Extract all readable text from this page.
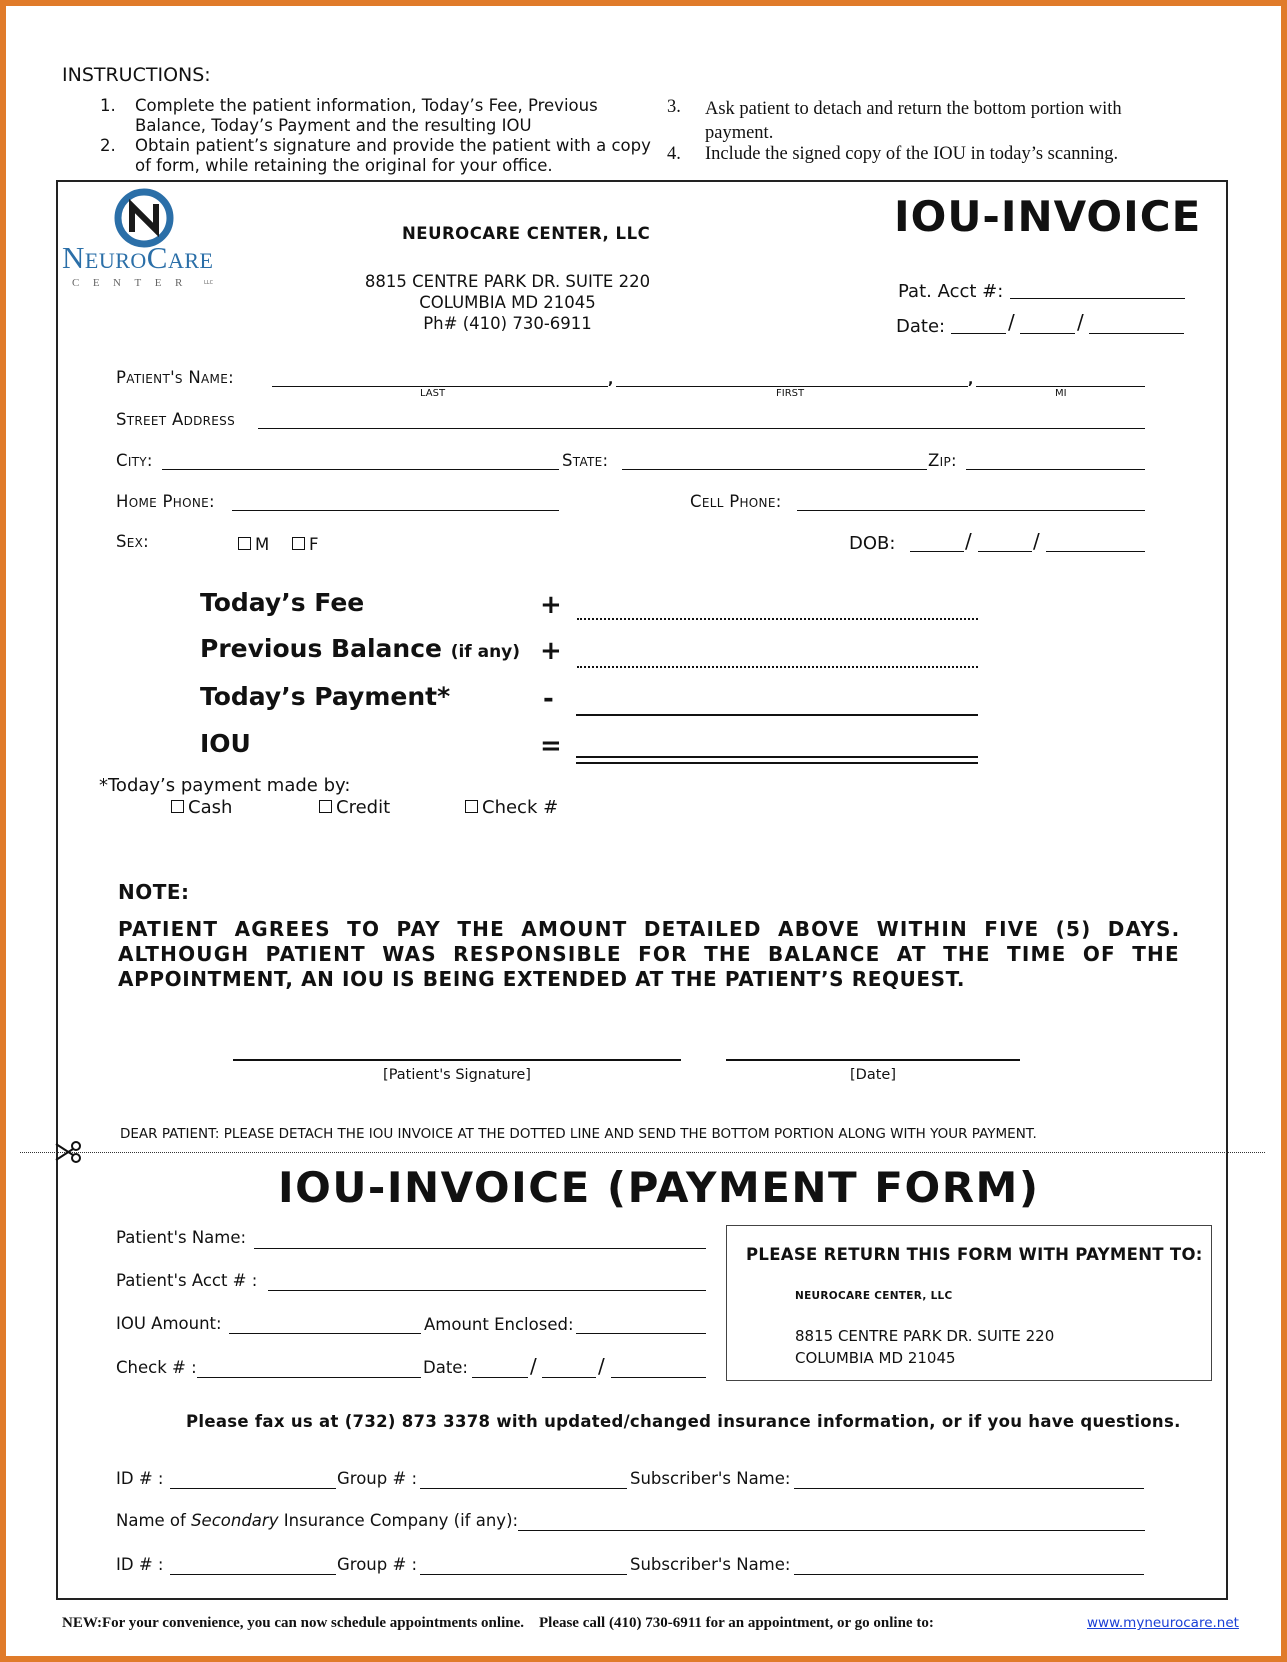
INSTRUCTIONS:
1. Complete the patient information, Today’s Fee, Previous
Balance, Today’s Payment and the resulting IOU
2. Obtain patient’s signature and provide the patient with a copy
of form, while retaining the original for your office.
3. Ask patient to detach and return the bottom portion with
payment.
4. Include the signed copy of the IOU in today’s scanning.
NeuroCare
CENTER LLC
NEUROCARE CENTER, LLC
8815 CENTRE PARK DR. SUITE 220
COLUMBIA MD 21045
Ph# (410) 730-6911
IOU-INVOICE
Pat. Acct #:
Date:	/	/
Patient's Name:	,	,
LAST	FIRST	MI
Street Address
City:	State:	Zip:
Home Phone:	Cell Phone:
Sex:	M	F	DOB:	/	/
Today’s Fee	+
Previous Balance (if any) +
Today’s Payment*	-
IOU	=
*Today’s payment made by:
Cash	Credit	Check #
NOTE:
PATIENT  AGREES  TO  PAY  THE  AMOUNT  DETAILED  ABOVE  WITHIN  FIVE  (5)  DAYS.
ALTHOUGH  PATIENT  WAS  RESPONSIBLE  FOR  THE  BALANCE  AT  THE  TIME  OF  THE
APPOINTMENT, AN IOU IS BEING EXTENDED AT THE PATIENT’S REQUEST.
[Patient's Signature]	[Date]
DEAR PATIENT: PLEASE DETACH THE IOU INVOICE AT THE DOTTED LINE AND SEND THE BOTTOM PORTION ALONG WITH YOUR PAYMENT.
IOU-INVOICE (PAYMENT FORM)
Patient's Name:
Patient's Acct # :
IOU Amount:	Amount Enclosed:
Check # :	Date:	/	/
PLEASE RETURN THIS FORM WITH PAYMENT TO:
NEUROCARE CENTER, LLC
8815 CENTRE PARK DR. SUITE 220
COLUMBIA MD 21045
Please fax us at (732) 873 3378 with updated/changed insurance information, or if you have questions.
ID # :	Group # :	Subscriber's Name:
Name of Secondary Insurance Company (if any):
ID # :	Group # :	Subscriber's Name:
NEW:For your convenience, you can now schedule appointments online.    Please call (410) 730-6911 for an appointment, or go online to:	www.myneurocare.net
